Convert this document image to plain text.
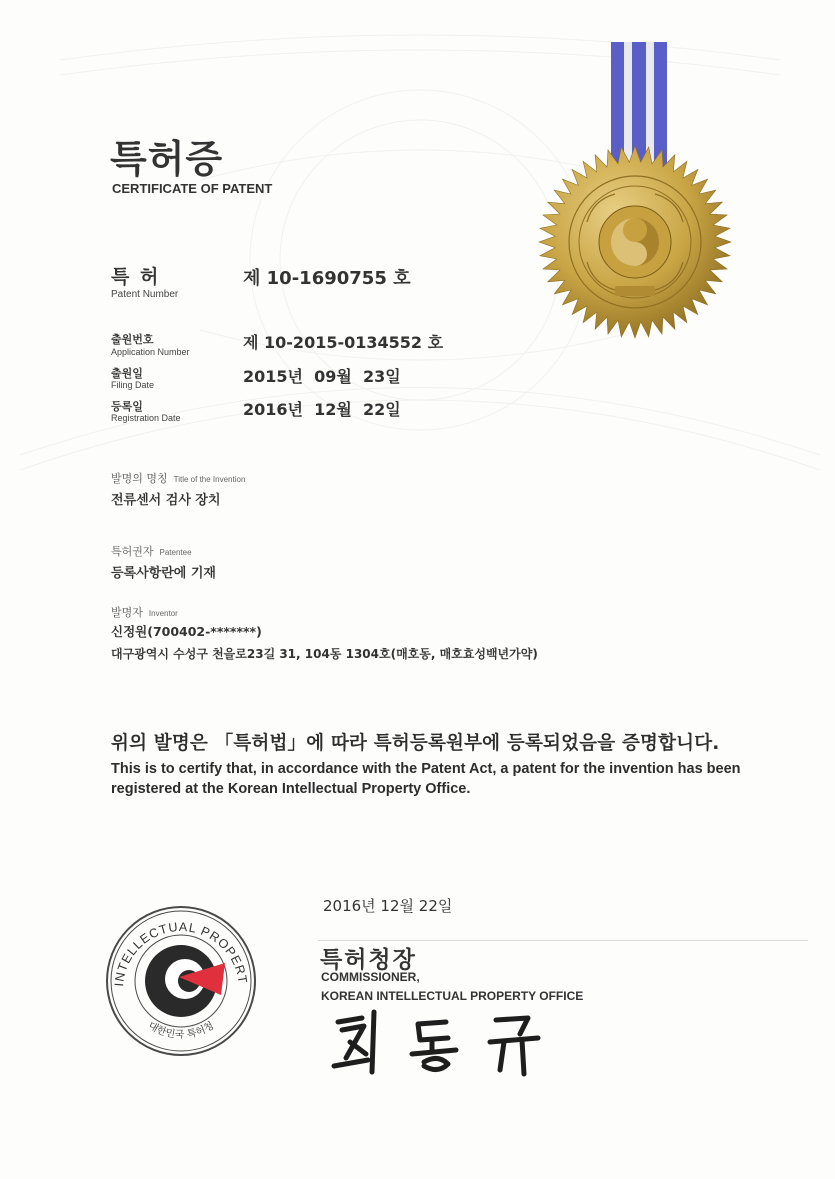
특허증
CERTIFICATE OF PATENT
특 허
Patent Number
제 10-1690755 호
출원번호
Application Number	제 10-2015-0134552 호
출원일
Filing Date	2015년  09월  23일
등록일
Registration Date	2016년  12월  22일
발명의 명칭 Title of the Invention
전류센서 검사 장치
특허권자 Patentee
등록사항란에 기재
발명자 Inventor
신정원(700402-*******)
대구광역시 수성구 천을로23길 31, 104동 1304호(매호동, 매호효성백년가약)
위의 발명은 「특허법」에 따라 특허등록원부에 등록되었음을 증명합니다.
This is to certify that, in accordance with the Patent Act, a patent for the invention has been registered at the Korean Intellectual Property Office.
2016년 12월 22일
특허청장
COMMISSIONER,
KOREAN INTELLECTUAL PROPERTY OFFICE
INTELLECTUAL PROPERT
대한민국 특허청
